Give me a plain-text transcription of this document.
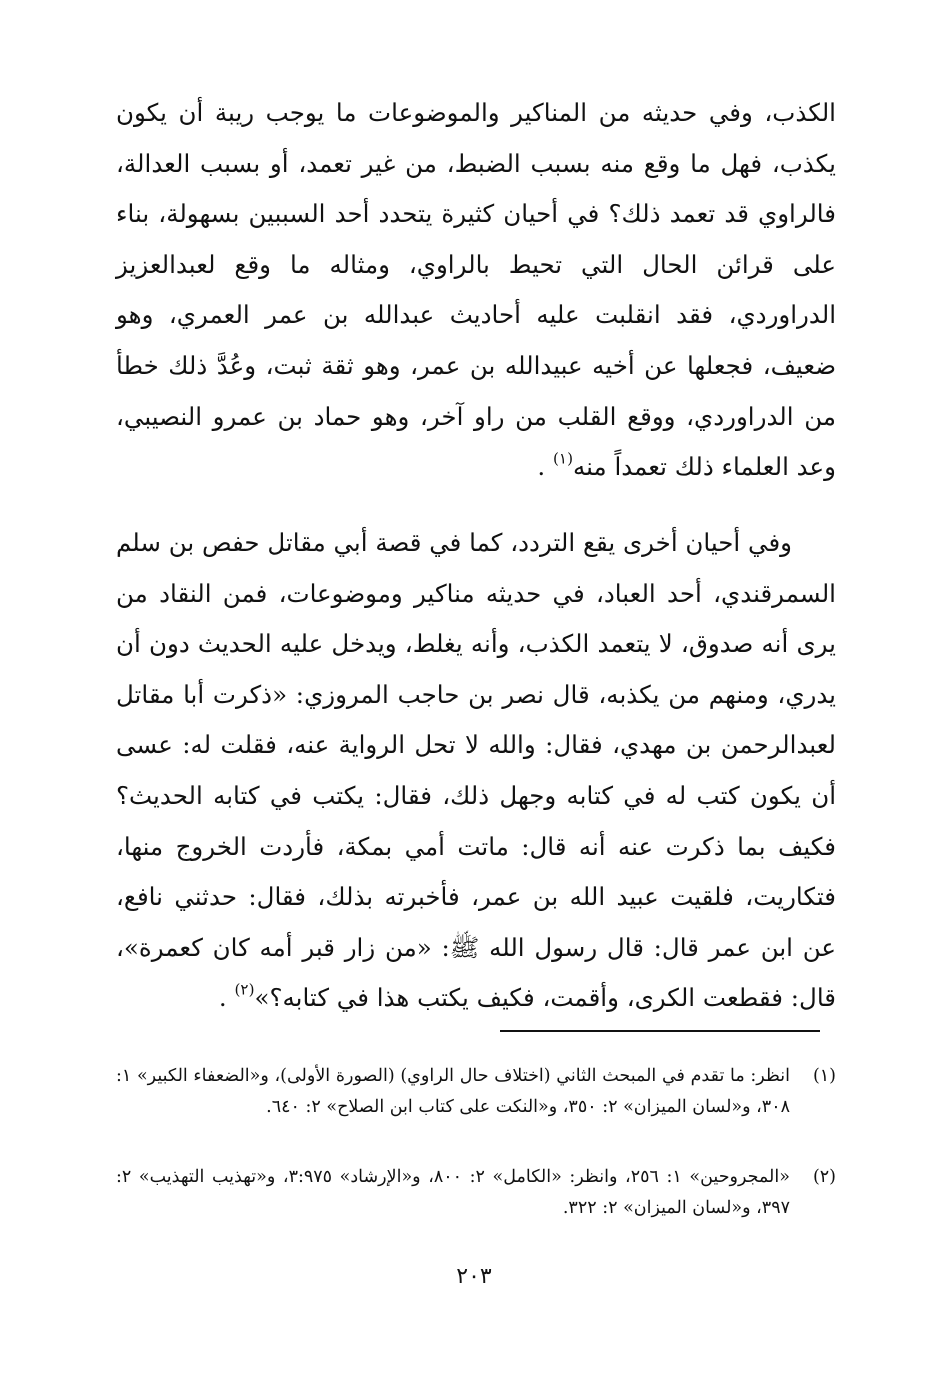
الكذب، وفي حديثه من المناكير والموضوعات ما يوجب ريبة أن يكون يكذب، فهل ما وقع منه بسبب الضبط، من غير تعمد، أو بسبب العدالة، فالراوي قد تعمد ذلك؟ في أحيان كثيرة يتحدد أحد السببين بسهولة، بناء على قرائن الحال التي تحيط بالراوي، ومثاله ما وقع لعبدالعزيز الدراوردي، فقد انقلبت عليه أحاديث عبدالله بن عمر العمري، وهو ضعيف، فجعلها عن أخيه عبيدالله بن عمر، وهو ثقة ثبت، وعُدَّ ذلك خطأ من الدراوردي، ووقع القلب من راو آخر، وهو حماد بن عمرو النصيبي، وعد العلماء ذلك تعمداً منه$^{(١)}$ .

وفي أحيان أخرى يقع التردد، كما في قصة أبي مقاتل حفص بن سلم السمرقندي، أحد العباد، في حديثه مناكير وموضوعات، فمن النقاد من يرى أنه صدوق، لا يتعمد الكذب، وأنه يغلط، ويدخل عليه الحديث دون أن يدري، ومنهم من يكذبه، قال نصر بن حاجب المروزي: «ذكرت أبا مقاتل لعبدالرحمن بن مهدي، فقال: والله لا تحل الرواية عنه، فقلت له: عسى أن يكون كتب له في كتابه وجهل ذلك، فقال: يكتب في كتابه الحديث؟ فكيف بما ذكرت عنه أنه قال: ماتت أمي بمكة، فأردت الخروج منها، فتكاريت، فلقيت عبيد الله بن عمر، فأخبرته بذلك، فقال: حدثني نافع، عن ابن عمر قال: قال رسول الله ﷺ: «من زار قبر أمه كان كعمرة»، قال: فقطعت الكرى، وأقمت، فكيف يكتب هذا في كتابه؟»$^{(٢)}$ .

(١)
انظر: ما تقدم في المبحث الثاني (اختلاف حال الراوي) (الصورة الأولى)، و«الضعفاء الكبير» ١: ٣٠٨، و«لسان الميزان» ٢: ٣٥٠، و«النكت على كتاب ابن الصلاح» ٢: ٦٤٠.
(٢)
«المجروحين» ١: ٢٥٦، وانظر: «الكامل» ٢: ٨٠٠، و«الإرشاد» ٣:٩٧٥، و«تهذيب التهذيب» ٢: ٣٩٧، و«لسان الميزان» ٢: ٣٢٢.

٢٠٣
